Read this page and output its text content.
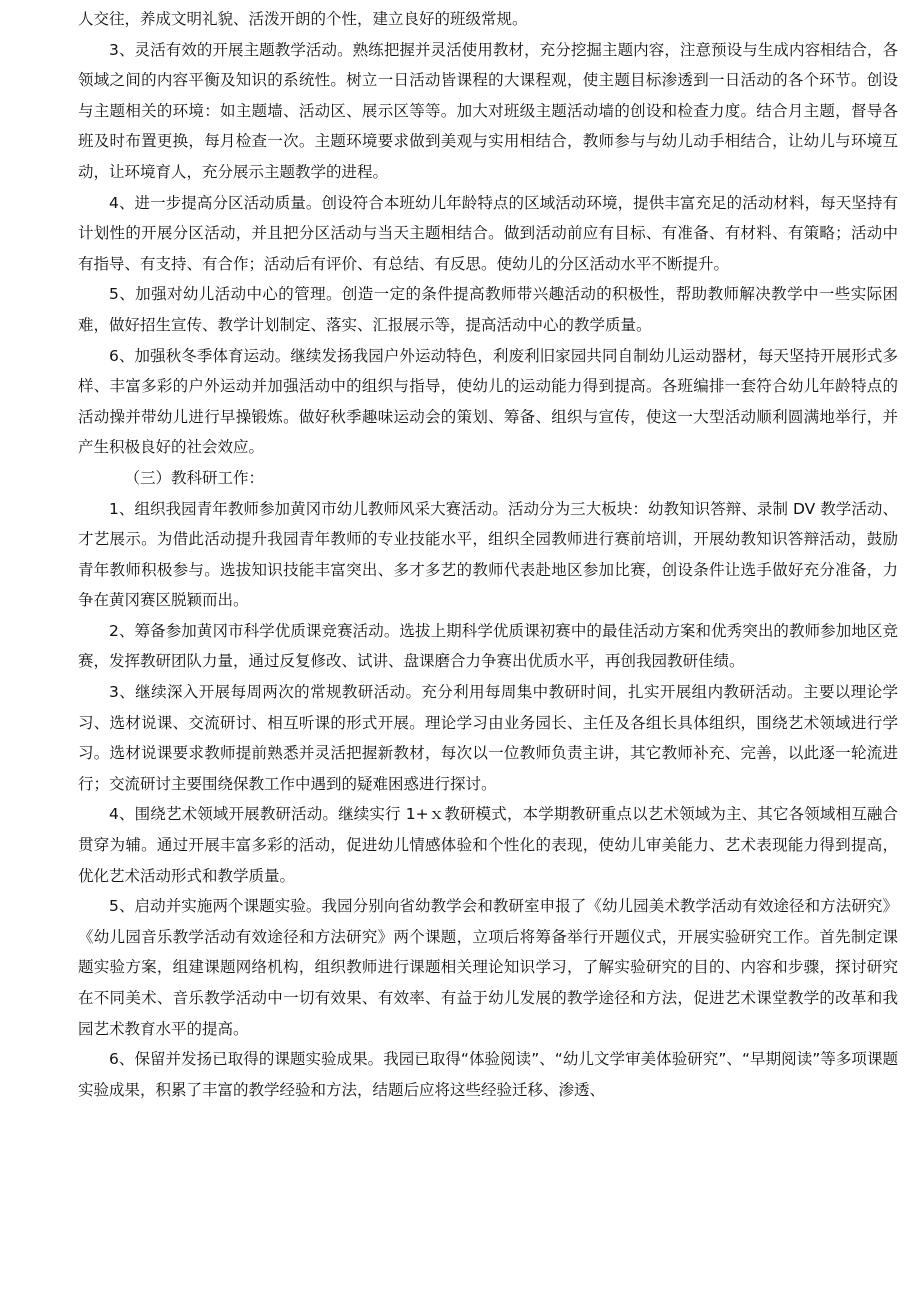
人交往，养成文明礼貌、活泼开朗的个性，建立良好的班级常规。

3、灵活有效的开展主题教学活动。熟练把握并灵活使用教材，充分挖掘主题内容，注意预设与生成内容相结合，各领域之间的内容平衡及知识的系统性。树立一日活动皆课程的大课程观，使主题目标渗透到一日活动的各个环节。创设与主题相关的环境：如主题墙、活动区、展示区等等。加大对班级主题活动墙的创设和检查力度。结合月主题，督导各班及时布置更换，每月检查一次。主题环境要求做到美观与实用相结合，教师参与与幼儿动手相结合，让幼儿与环境互动，让环境育人，充分展示主题教学的进程。

4、进一步提高分区活动质量。创设符合本班幼儿年龄特点的区域活动环境，提供丰富充足的活动材料，每天坚持有计划性的开展分区活动，并且把分区活动与当天主题相结合。做到活动前应有目标、有准备、有材料、有策略；活动中有指导、有支持、有合作；活动后有评价、有总结、有反思。使幼儿的分区活动水平不断提升。

5、加强对幼儿活动中心的管理。创造一定的条件提高教师带兴趣活动的积极性，帮助教师解决教学中一些实际困难，做好招生宣传、教学计划制定、落实、汇报展示等，提高活动中心的教学质量。

6、加强秋冬季体育运动。继续发扬我园户外运动特色，利废利旧家园共同自制幼儿运动器材，每天坚持开展形式多样、丰富多彩的户外运动并加强活动中的组织与指导，使幼儿的运动能力得到提高。各班编排一套符合幼儿年龄特点的活动操并带幼儿进行早操锻炼。做好秋季趣味运动会的策划、筹备、组织与宣传，使这一大型活动顺利圆满地举行，并产生积极良好的社会效应。

（三）教科研工作：

1、组织我园青年教师参加黄冈市幼儿教师风采大赛活动。活动分为三大板块：幼教知识答辩、录制 DV 教学活动、才艺展示。为借此活动提升我园青年教师的专业技能水平，组织全园教师进行赛前培训，开展幼教知识答辩活动，鼓励青年教师积极参与。选拔知识技能丰富突出、多才多艺的教师代表赴地区参加比赛，创设条件让选手做好充分准备，力争在黄冈赛区脱颖而出。

2、筹备参加黄冈市科学优质课竞赛活动。选拔上期科学优质课初赛中的最佳活动方案和优秀突出的教师参加地区竞赛，发挥教研团队力量，通过反复修改、试讲、盘课磨合力争赛出优质水平，再创我园教研佳绩。

3、继续深入开展每周两次的常规教研活动。充分利用每周集中教研时间，扎实开展组内教研活动。主要以理论学习、选材说课、交流研讨、相互听课的形式开展。理论学习由业务园长、主任及各组长具体组织，围绕艺术领域进行学习。选材说课要求教师提前熟悉并灵活把握新教材，每次以一位教师负责主讲，其它教师补充、完善，以此逐一轮流进行；交流研讨主要围绕保教工作中遇到的疑难困惑进行探讨。

4、围绕艺术领域开展教研活动。继续实行 1+ｘ教研模式，本学期教研重点以艺术领域为主、其它各领域相互融合贯穿为辅。通过开展丰富多彩的活动，促进幼儿情感体验和个性化的表现，使幼儿审美能力、艺术表现能力得到提高，优化艺术活动形式和教学质量。

5、启动并实施两个课题实验。我园分别向省幼教学会和教研室申报了《幼儿园美术教学活动有效途径和方法研究》《幼儿园音乐教学活动有效途径和方法研究》两个课题，立项后将筹备举行开题仪式，开展实验研究工作。首先制定课题实验方案，组建课题网络机构，组织教师进行课题相关理论知识学习，了解实验研究的目的、内容和步骤，探讨研究在不同美术、音乐教学活动中一切有效果、有效率、有益于幼儿发展的教学途径和方法，促进艺术课堂教学的改革和我园艺术教育水平的提高。

6、保留并发扬已取得的课题实验成果。我园已取得“体验阅读”、“幼儿文学审美体验研究”、“早期阅读”等多项课题实验成果，积累了丰富的教学经验和方法，结题后应将这些经验迁移、渗透、
